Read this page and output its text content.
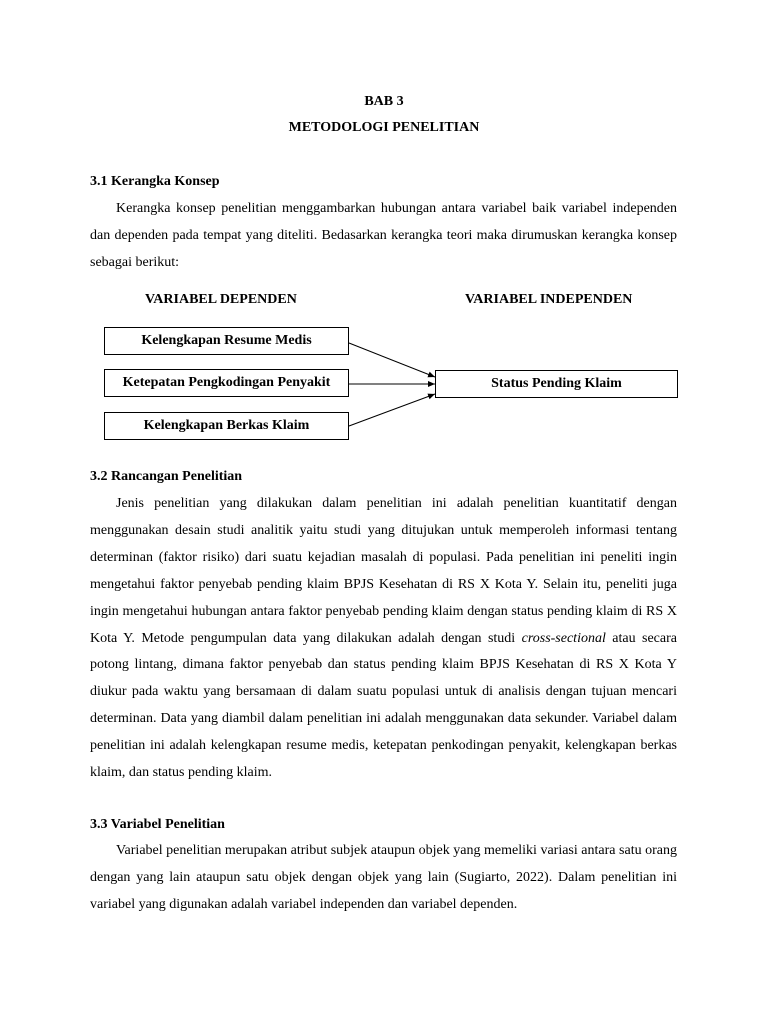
BAB 3
METODOLOGI PENELITIAN
3.1 Kerangka Konsep

Kerangka konsep penelitian menggambarkan hubungan antara variabel baik variabel independen dan dependen pada tempat yang diteliti. Bedasarkan kerangka teori maka dirumuskan kerangka konsep sebagai berikut:

VARIABEL DEPENDEN	VARIABEL INDEPENDEN
Kelengkapan Resume Medis
Ketepatan Pengkodingan Penyakit
Kelengkapan Berkas Klaim
Status Pending Klaim
3.2 Rancangan Penelitian

Jenis penelitian yang dilakukan dalam penelitian ini adalah penelitian kuantitatif dengan menggunakan desain studi analitik yaitu studi yang ditujukan untuk memperoleh informasi tentang determinan (faktor risiko) dari suatu kejadian masalah di populasi. Pada penelitian ini peneliti ingin mengetahui faktor penyebab pending klaim BPJS Kesehatan di RS X Kota Y. Selain itu, peneliti juga ingin mengetahui hubungan antara faktor penyebab pending klaim dengan status pending klaim di RS X Kota Y. Metode pengumpulan data yang dilakukan adalah dengan studi cross-sectional atau secara potong lintang, dimana faktor penyebab dan status pending klaim BPJS Kesehatan di RS X Kota Y diukur pada waktu yang bersamaan di dalam suatu populasi untuk di analisis dengan tujuan mencari determinan. Data yang diambil dalam penelitian ini adalah menggunakan data sekunder. Variabel dalam penelitian ini adalah kelengkapan resume medis, ketepatan penkodingan penyakit, kelengkapan berkas klaim, dan status pending klaim.

3.3 Variabel Penelitian

Variabel penelitian merupakan atribut subjek ataupun objek yang memeliki variasi antara satu orang dengan yang lain ataupun satu objek dengan objek yang lain (Sugiarto, 2022). Dalam penelitian ini variabel yang digunakan adalah variabel independen dan variabel dependen.
